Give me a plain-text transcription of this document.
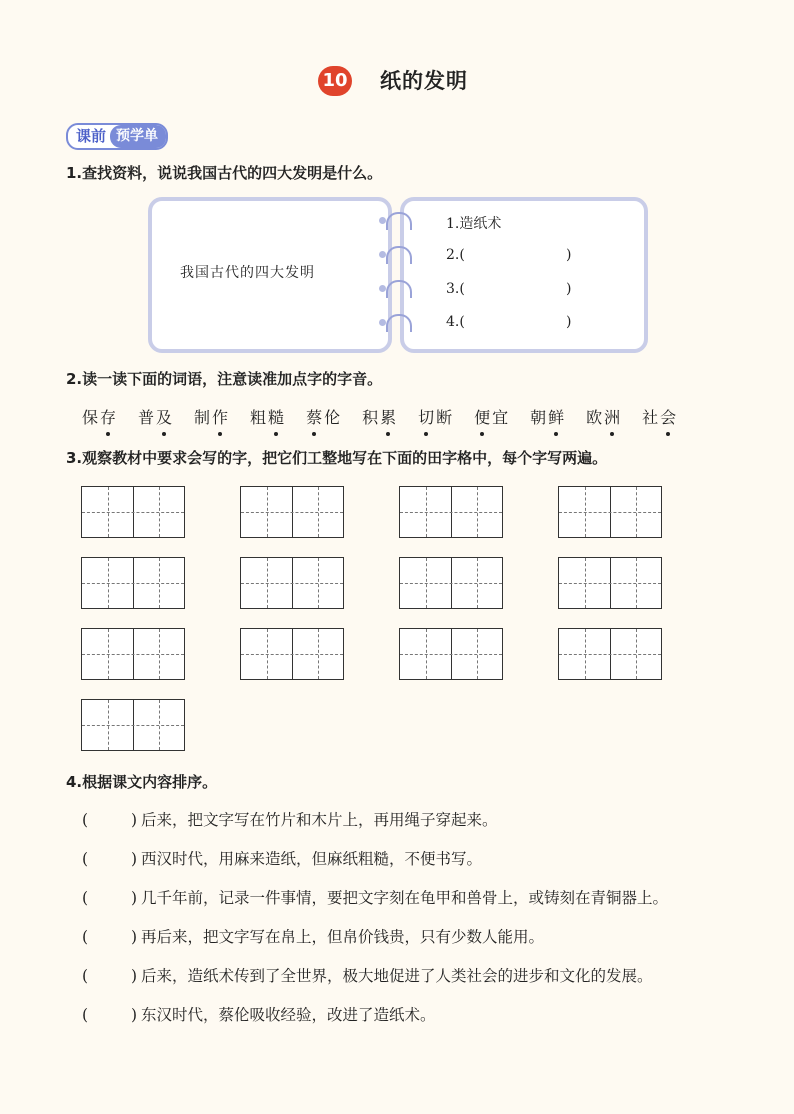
10 纸的发明
课前 预学单
1.查找资料，说说我国古代的四大发明是什么。
我国古代的四大发明
1.造纸术
2.(	)
3.(	)
4.(	)
2.读一读下面的词语，注意读准加点字的字音。
保存 普及 制作 粗糙 蔡伦 积累 切断 便宜 朝鲜 欧洲 社会
3.观察教材中要求会写的字，把它们工整地写在下面的田字格中，每个字写两遍。
4.根据课文内容排序。
(	) 后来，把文字写在竹片和木片上，再用绳子穿起来。
(	) 西汉时代，用麻来造纸，但麻纸粗糙，不便书写。
(	) 几千年前，记录一件事情，要把文字刻在龟甲和兽骨上，或铸刻在青铜器上。
(	) 再后来，把文字写在帛上，但帛价钱贵，只有少数人能用。
(	) 后来，造纸术传到了全世界，极大地促进了人类社会的进步和文化的发展。
(	) 东汉时代，蔡伦吸收经验，改进了造纸术。
